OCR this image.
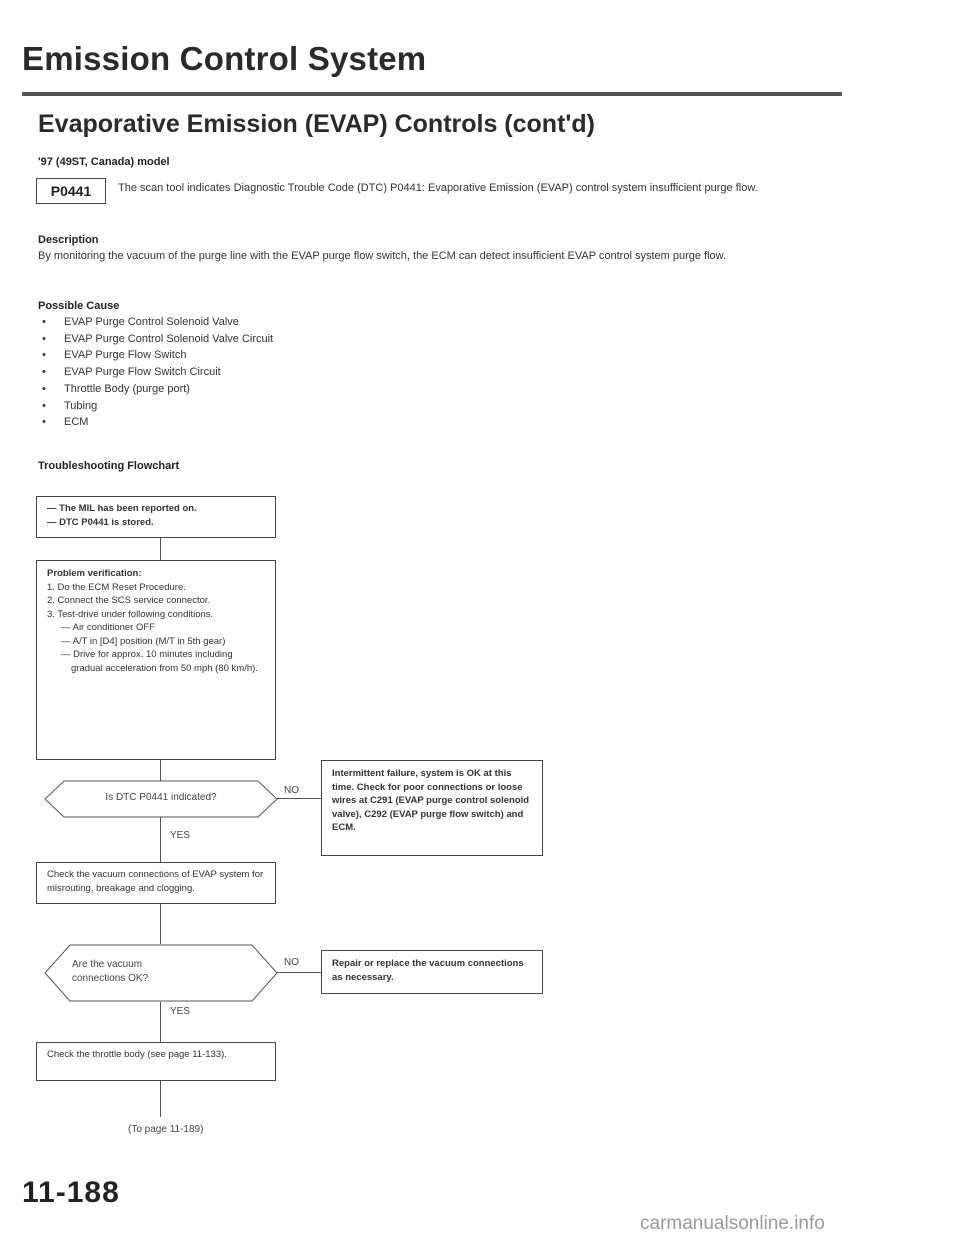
Emission Control System
Evaporative Emission (EVAP) Controls (cont'd)
'97 (49ST, Canada) model
P0441	The scan tool indicates Diagnostic Trouble Code (DTC) P0441: Evaporative Emission (EVAP) control system insufficient purge flow.
Description
By monitoring the vacuum of the purge line with the EVAP purge flow switch, the ECM can detect insufficient EVAP control system purge flow.
Possible Cause
• EVAP Purge Control Solenoid Valve
• EVAP Purge Control Solenoid Valve Circuit
• EVAP Purge Flow Switch
• EVAP Purge Flow Switch Circuit
• Throttle Body (purge port)
• Tubing
• ECM
Troubleshooting Flowchart
— The MIL has been reported on.
— DTC P0441 is stored.
Problem verification:
1. Do the ECM Reset Procedure.
2. Connect the SCS service connector.
3. Test-drive under following conditions.
— Air conditioner OFF
— A/T in [D4] position (M/T in 5th gear)
— Drive for approx. 10 minutes including gradual acceleration from 50 mph (80 km/h).
Is DTC P0441 indicated?
NO
YES
Intermittent failure, system is OK at this time. Check for poor connections or loose wires at C291 (EVAP purge control solenoid valve), C292 (EVAP purge flow switch) and ECM.
Check the vacuum connections of EVAP system for misrouting, breakage and clogging.
Are the vacuum connections OK?
NO
YES
Repair or replace the vacuum connections as necessary.
Check the throttle body (see page 11-133).
(To page 11-189)
11-188
carmanualsonline.info
